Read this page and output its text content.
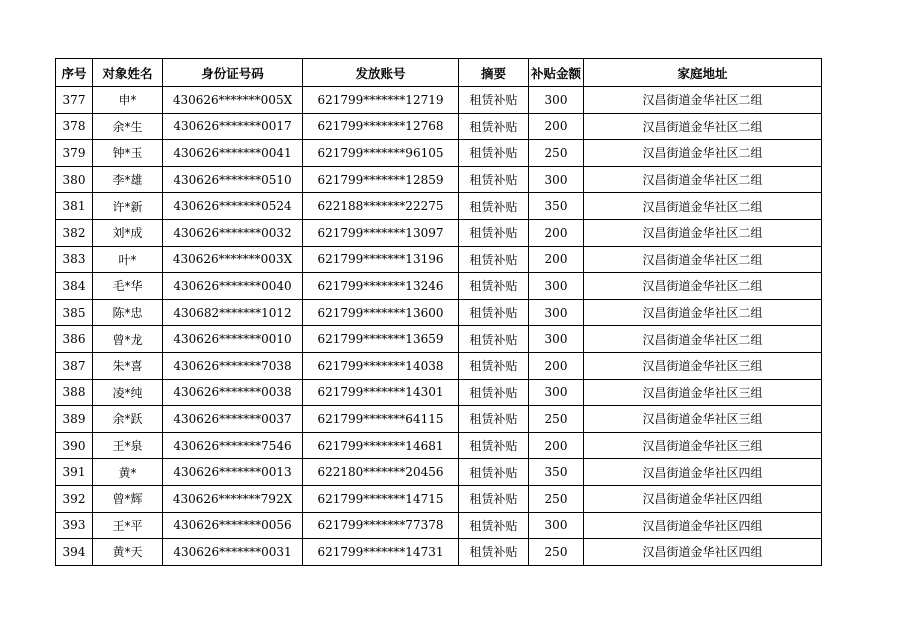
序号	对象姓名	身份证号码	发放账号	摘要	补贴金额	家庭地址
377	申*	430626*******005X	621799*******12719	租赁补贴	300	汉昌街道金华社区二组
378	余*生	430626*******0017	621799*******12768	租赁补贴	200	汉昌街道金华社区二组
379	钟*玉	430626*******0041	621799*******96105	租赁补贴	250	汉昌街道金华社区二组
380	李*雄	430626*******0510	621799*******12859	租赁补贴	300	汉昌街道金华社区二组
381	许*新	430626*******0524	622188*******22275	租赁补贴	350	汉昌街道金华社区二组
382	刘*成	430626*******0032	621799*******13097	租赁补贴	200	汉昌街道金华社区二组
383	叶*	430626*******003X	621799*******13196	租赁补贴	200	汉昌街道金华社区二组
384	毛*华	430626*******0040	621799*******13246	租赁补贴	300	汉昌街道金华社区二组
385	陈*忠	430682*******1012	621799*******13600	租赁补贴	300	汉昌街道金华社区二组
386	曾*龙	430626*******0010	621799*******13659	租赁补贴	300	汉昌街道金华社区二组
387	朱*喜	430626*******7038	621799*******14038	租赁补贴	200	汉昌街道金华社区三组
388	凌*纯	430626*******0038	621799*******14301	租赁补贴	300	汉昌街道金华社区三组
389	余*跃	430626*******0037	621799*******64115	租赁补贴	250	汉昌街道金华社区三组
390	王*泉	430626*******7546	621799*******14681	租赁补贴	200	汉昌街道金华社区三组
391	黄*	430626*******0013	622180*******20456	租赁补贴	350	汉昌街道金华社区四组
392	曾*辉	430626*******792X	621799*******14715	租赁补贴	250	汉昌街道金华社区四组
393	王*平	430626*******0056	621799*******77378	租赁补贴	300	汉昌街道金华社区四组
394	黄*天	430626*******0031	621799*******14731	租赁补贴	250	汉昌街道金华社区四组
